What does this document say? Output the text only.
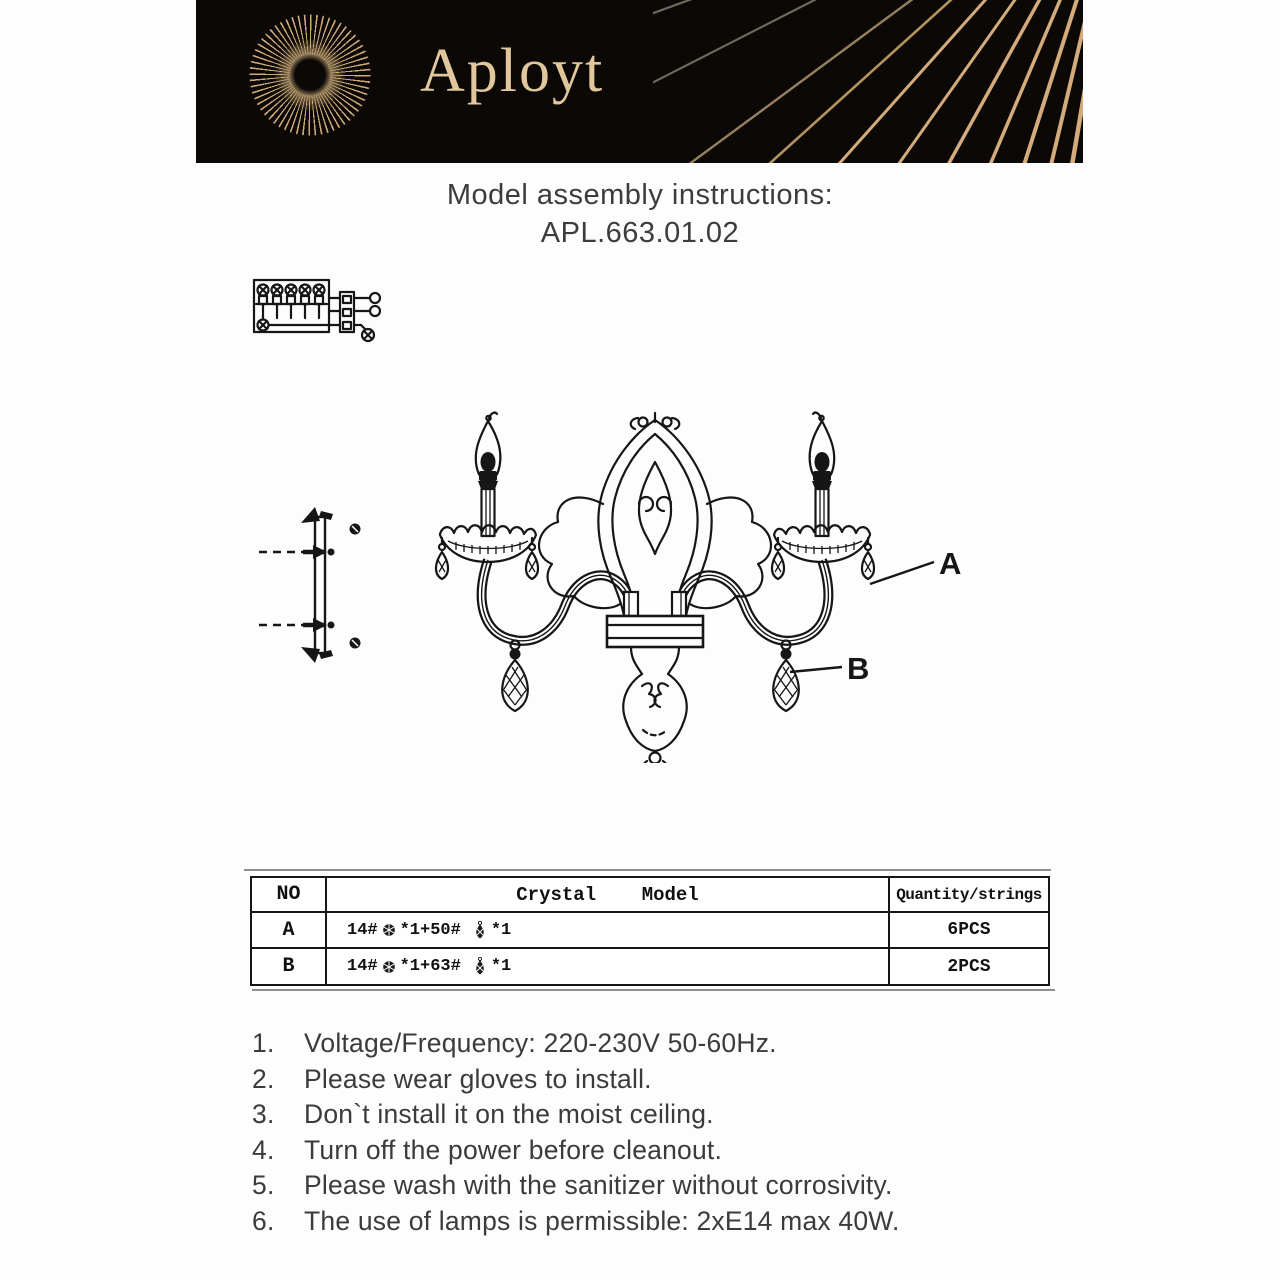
Aployt
Model assembly instructions:
APL.663.01.02
A
B
NO	Crystal    Model	Quantity/strings
A	14# *1+50# *1	6PCS
B	14# *1+63# *1	2PCS
1.	Voltage/Frequency: 220-230V 50-60Hz.
2.	Please wear gloves to install.
3.	Don`t install it on the moist ceiling.
4.	Turn off the power before cleanout.
5.	Please wash with the sanitizer without corrosivity.
6.	The use of lamps is permissible: 2xE14 max 40W.
